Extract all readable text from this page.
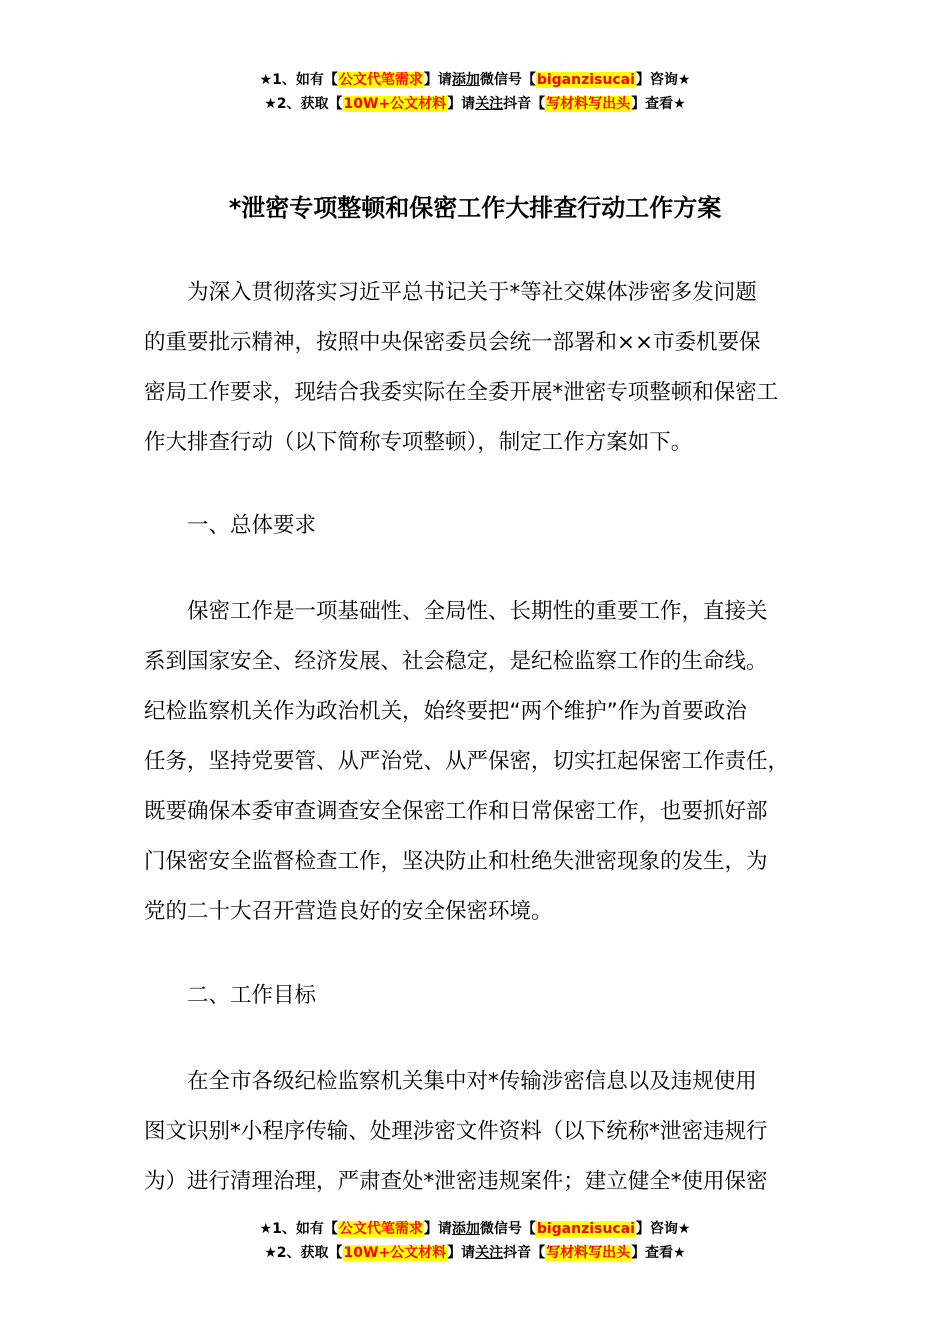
★1、如有【公文代笔需求】请添加微信号【biganzisucai】咨询★
★2、获取【10W+公文材料】请关注抖音【写材料写出头】查看★
*泄密专项整顿和保密工作大排查行动工作方案
为深入贯彻落实习近平总书记关于*等社交媒体涉密多发问题
的重要批示精神，按照中央保密委员会统一部署和××市委机要保
密局工作要求，现结合我委实际在全委开展*泄密专项整顿和保密工
作大排查行动（以下简称专项整顿），制定工作方案如下。
一、总体要求
保密工作是一项基础性、全局性、长期性的重要工作，直接关
系到国家安全、经济发展、社会稳定，是纪检监察工作的生命线。
纪检监察机关作为政治机关，始终要把“两个维护”作为首要政治
任务，坚持党要管、从严治党、从严保密，切实扛起保密工作责任，
既要确保本委审查调查安全保密工作和日常保密工作，也要抓好部
门保密安全监督检查工作，坚决防止和杜绝失泄密现象的发生，为
党的二十大召开营造良好的安全保密环境。
二、工作目标
在全市各级纪检监察机关集中对*传输涉密信息以及违规使用
图文识别*小程序传输、处理涉密文件资料（以下统称*泄密违规行
为）进行清理治理，严肃查处*泄密违规案件；建立健全*使用保密
★1、如有【公文代笔需求】请添加微信号【biganzisucai】咨询★
★2、获取【10W+公文材料】请关注抖音【写材料写出头】查看★
